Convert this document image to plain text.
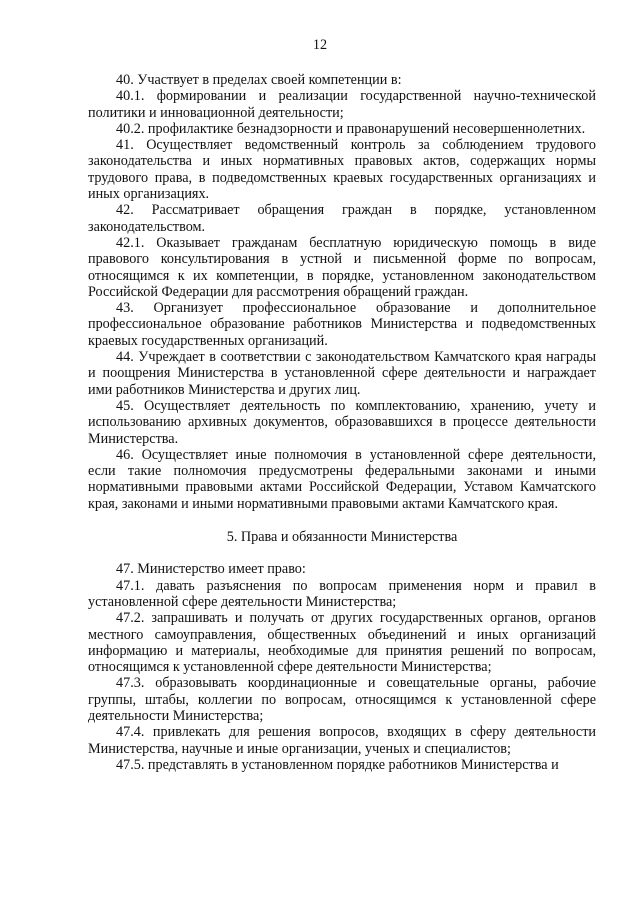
12

40. Участвует в пределах своей компетенции в:

40.1. формировании и реализации государственной научно-технической политики и инновационной деятельности;

40.2. профилактике безнадзорности и правонарушений несовершеннолетних.

41. Осуществляет ведомственный контроль за соблюдением трудового законодательства и иных нормативных правовых актов, содержащих нормы трудового права, в подведомственных краевых государственных организациях и иных организациях.

42. Рассматривает обращения граждан в порядке, установленном законодательством.

42.1. Оказывает гражданам бесплатную юридическую помощь в виде правового консультирования в устной и письменной форме по вопросам, относящимся к их компетенции, в порядке, установленном законодательством Российской Федерации для рассмотрения обращений граждан.

43. Организует профессиональное образование и дополнительное профессиональное образование работников Министерства и подведомственных краевых государственных организаций.

44. Учреждает в соответствии с законодательством Камчатского края награды и поощрения Министерства в установленной сфере деятельности и награждает ими работников Министерства и других лиц.

45. Осуществляет деятельность по комплектованию, хранению, учету и использованию архивных документов, образовавшихся в процессе деятельности Министерства.

46. Осуществляет иные полномочия в установленной сфере деятельности, если такие полномочия предусмотрены федеральными законами и иными нормативными правовыми актами Российской Федерации, Уставом Камчатского края, законами и иными нормативными правовыми актами Камчатского края.

5. Права и обязанности Министерства

47. Министерство имеет право:

47.1. давать разъяснения по вопросам применения норм и правил в установленной сфере деятельности Министерства;

47.2. запрашивать и получать от других государственных органов, органов местного самоуправления, общественных объединений и иных организаций информацию и материалы, необходимые для принятия решений по вопросам, относящимся к установленной сфере деятельности Министерства;

47.3. образовывать координационные и совещательные органы, рабочие группы, штабы, коллегии по вопросам, относящимся к установленной сфере деятельности Министерства;

47.4. привлекать для решения вопросов, входящих в сферу деятельности Министерства, научные и иные организации, ученых и специалистов;

47.5. представлять в установленном порядке работников Министерства и
